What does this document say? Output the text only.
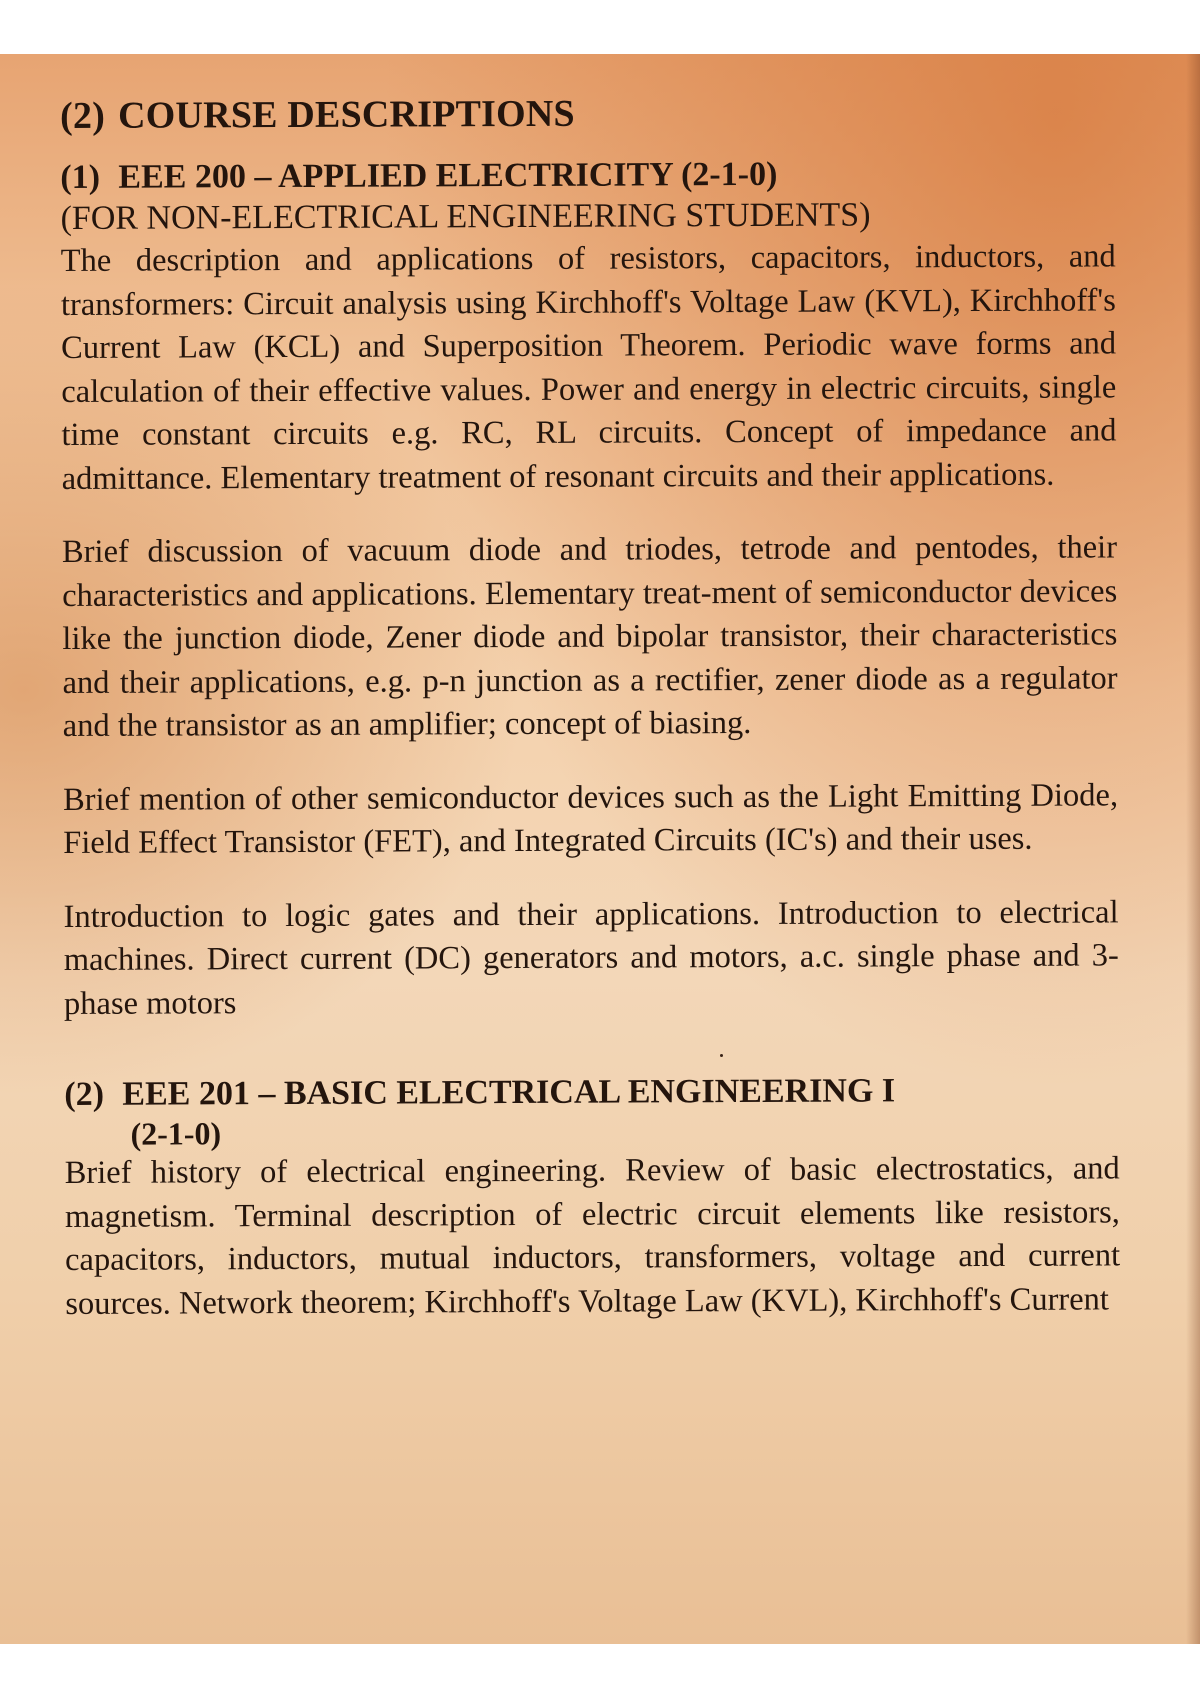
(2) COURSE DESCRIPTIONS
(1) EEE 200 – APPLIED ELECTRICITY (2-1-0)
(FOR NON-ELECTRICAL ENGINEERING STUDENTS)

The description and applications of resistors, capacitors, inductors, and transformers: Circuit analysis using Kirchhoff's Voltage Law (KVL), Kirchhoff's Current Law (KCL) and Superposition Theorem. Periodic wave forms and calculation of their effective values. Power and energy in electric circuits, single time constant circuits e.g. RC, RL circuits. Concept of impedance and admittance. Elementary treatment of resonant circuits and their applications.

Brief discussion of vacuum diode and triodes, tetrode and pentodes, their characteristics and applications. Elementary treat-ment of semiconductor devices like the junction diode, Zener diode and bipolar transistor, their characteristics and their applications, e.g. p-n junction as a rectifier, zener diode as a regulator and the transistor as an amplifier; concept of biasing.

Brief mention of other semiconductor devices such as the Light Emitting Diode, Field Effect Transistor (FET), and Integrated Circuits (IC's) and their uses.

Introduction to logic gates and their applications. Introduction to electrical machines. Direct current (DC) generators and motors, a.c. single phase and 3-phase motors

(2) EEE 201 – BASIC ELECTRICAL ENGINEERING I
(2-1-0)

Brief history of electrical engineering. Review of basic electrostatics, and magnetism. Terminal description of electric circuit elements like resistors, capacitors, inductors, mutual inductors, transformers, voltage and current sources. Network theorem; Kirchhoff's Voltage Law (KVL), Kirchhoff's Current
